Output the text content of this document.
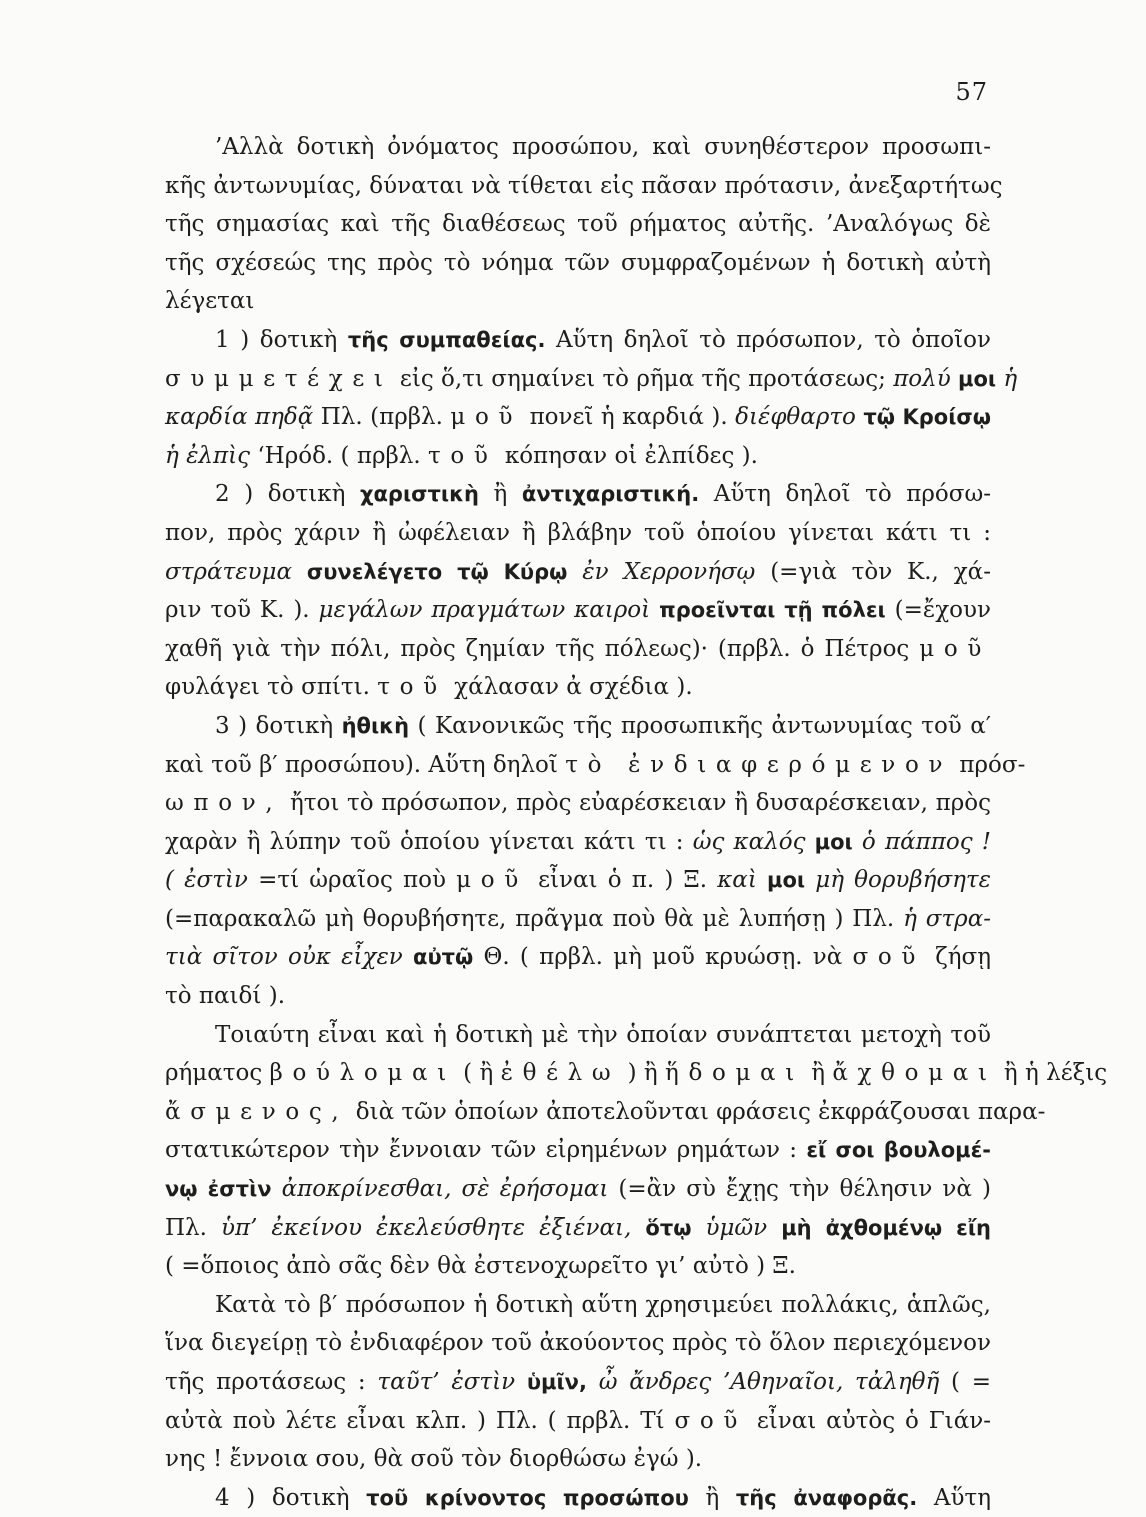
57
’Αλλὰ δοτικὴ ὀνόματος προσώπου, καὶ συνηθέστερον προσωπι-
κῆς ἀντωνυμίας, δύναται νὰ τίθεται εἰς πᾶσαν πρότασιν, ἀνεξαρτήτως
τῆς σημασίας καὶ τῆς διαθέσεως τοῦ ρήματος αὐτῆς. ’Αναλόγως δὲ
τῆς σχέσεώς της πρὸς τὸ νόημα τῶν συμφραζομένων ἡ δοτικὴ αὐτὴ
λέγεται
1 ) δοτικὴ τῆς συμπαθείας. Αὕτη δηλοῖ τὸ πρόσωπον, τὸ ὁποῖον
συμμετέχει εἰς ὅ,τι σημαίνει τὸ ρῆμα τῆς προτάσεως; πολύ μοι ἡ
καρδία πηδᾷ Πλ. (πρβλ. μοῦ πονεῖ ἡ καρδιά ). διέφθαρτο τῷ Κροίσῳ
ἡ ἐλπὶς ‘Ηρόδ. ( πρβλ. τοῦ κόπησαν οἱ ἐλπίδες ).
2 ) δοτικὴ χαριστικὴ ἢ ἀντιχαριστική. Αὕτη δηλοῖ τὸ πρόσω-
πον, πρὸς χάριν ἢ ὠφέλειαν ἢ βλάβην τοῦ ὁποίου γίνεται κάτι τι :
στράτευμα συνελέγετο τῷ Κύρῳ ἐν Χερρονήσῳ (=γιὰ τὸν Κ., χά-
ριν τοῦ Κ. ). μεγάλων πραγμάτων καιροὶ προεῖνται τῇ πόλει (=ἔχουν
χαθῆ γιὰ τὴν πόλι, πρὸς ζημίαν τῆς πόλεως)· (πρβλ. ὁ Πέτρος μοῦ
φυλάγει τὸ σπίτι. τοῦ χάλασαν ἀ σχέδια ).
3 ) δοτικὴ ἠθικὴ ( Κανονικῶς τῆς προσωπικῆς ἀντωνυμίας τοῦ α′
καὶ τοῦ β′ προσώπου). Αὕτη δηλοῖ τὸ ἐνδιαφερόμενον πρόσ-
ωπον, ἤτοι τὸ πρόσωπον, πρὸς εὐαρέσκειαν ἢ δυσαρέσκειαν, πρὸς
χαρὰν ἢ λύπην τοῦ ὁποίου γίνεται κάτι τι : ὡς καλός μοι ὁ πάππος !
( ἐστὶν =τί ὡραῖος ποὺ μοῦ εἶναι ὁ π. ) Ξ. καὶ μοι μὴ θορυβήσητε
(=παρακαλῶ μὴ θορυβήσητε, πρᾶγμα ποὺ θὰ μὲ λυπήσῃ ) Πλ. ἡ στρα-
τιὰ σῖτον οὐκ εἶχεν αὐτῷ Θ. ( πρβλ. μὴ μοῦ κρυώσῃ. νὰ σοῦ ζήσῃ
τὸ παιδί ).
Τοιαύτη εἶναι καὶ ἡ δοτικὴ μὲ τὴν ὁποίαν συνάπτεται μετοχὴ τοῦ
ρήματος βούλομαι ( ἢ ἐθέλω ) ἢ ἥδομαι ἢ ἄχθομαι ἢ ἡ λέξις
ἄσμενος, διὰ τῶν ὁποίων ἀποτελοῦνται φράσεις ἐκφράζουσαι παρα-
στατικώτερον τὴν ἔννοιαν τῶν εἰρημένων ρημάτων : εἴ σοι βουλομέ-
νῳ ἐστὶν ἀποκρίνεσθαι, σὲ ἐρήσομαι (=ἂν σὺ ἔχῃς τὴν θέλησιν νὰ )
Πλ. ὑπ’ ἐκείνου ἐκελεύσθητε ἐξιέναι, ὅτῳ ὑμῶν μὴ ἀχθομένῳ εἴη
( =ὅποιος ἀπὸ σᾶς δὲν θὰ ἐστενοχωρεῖτο γι’ αὐτὸ ) Ξ.
Κατὰ τὸ β′ πρόσωπον ἡ δοτικὴ αὕτη χρησιμεύει πολλάκις, ἁπλῶς,
ἵνα διεγείρῃ τὸ ἐνδιαφέρον τοῦ ἀκούοντος πρὸς τὸ ὅλον περιεχόμενον
τῆς προτάσεως : ταῦτ’ ἐστὶν ὑμῖν, ὦ ἄνδρες ’Αθηναῖοι, τἀληθῆ ( =
αὐτὰ ποὺ λέτε εἶναι κλπ. ) Πλ. ( πρβλ. Τί σοῦ εἶναι αὐτὸς ὁ Γιάν-
νης ! ἔννοια σου, θὰ σοῦ τὸν διορθώσω ἐγώ ).
4 ) δοτικὴ τοῦ κρίνοντος προσώπου ἢ τῆς ἀναφορᾶς. Αὕτη
